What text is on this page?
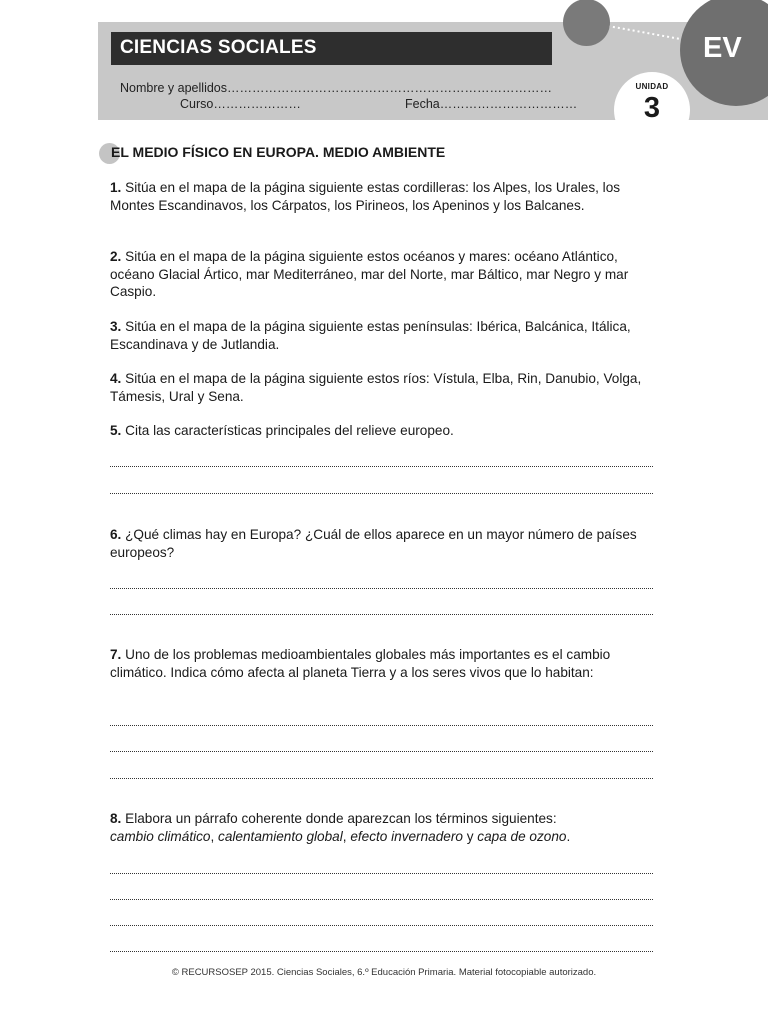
CIENCIAS SOCIALES
Nombre y apellidos……………………………………………………………………
Curso…………………	Fecha……………………………
EV
UNIDAD
3
EL MEDIO FÍSICO EN EUROPA. MEDIO AMBIENTE
1. Sitúa en el mapa de la página siguiente estas cordilleras: los Alpes, los Urales, los Montes Escandinavos, los Cárpatos, los Pirineos, los Apeninos y los Balcanes.
2. Sitúa en el mapa de la página siguiente estos océanos y mares: océano Atlántico, océano Glacial Ártico, mar Mediterráneo, mar del Norte, mar Báltico, mar Negro y mar Caspio.
3. Sitúa en el mapa de la página siguiente estas penínsulas: Ibérica, Balcánica, Itálica, Escandinava y de Jutlandia.
4. Sitúa en el mapa de la página siguiente estos ríos: Vístula, Elba, Rin, Danubio, Volga, Támesis, Ural y Sena.
5. Cita las características principales del relieve europeo.
6. ¿Qué climas hay en Europa? ¿Cuál de ellos aparece en un mayor número de países europeos?
7. Uno de los problemas medioambientales globales más importantes es el cambio climático. Indica cómo afecta al planeta Tierra y a los seres vivos que lo habitan:
8. Elabora un párrafo coherente donde aparezcan los términos siguientes:
cambio climático, calentamiento global, efecto invernadero y capa de ozono.
© RECURSOSEP 2015. Ciencias Sociales, 6.º Educación Primaria. Material fotocopiable autorizado.
